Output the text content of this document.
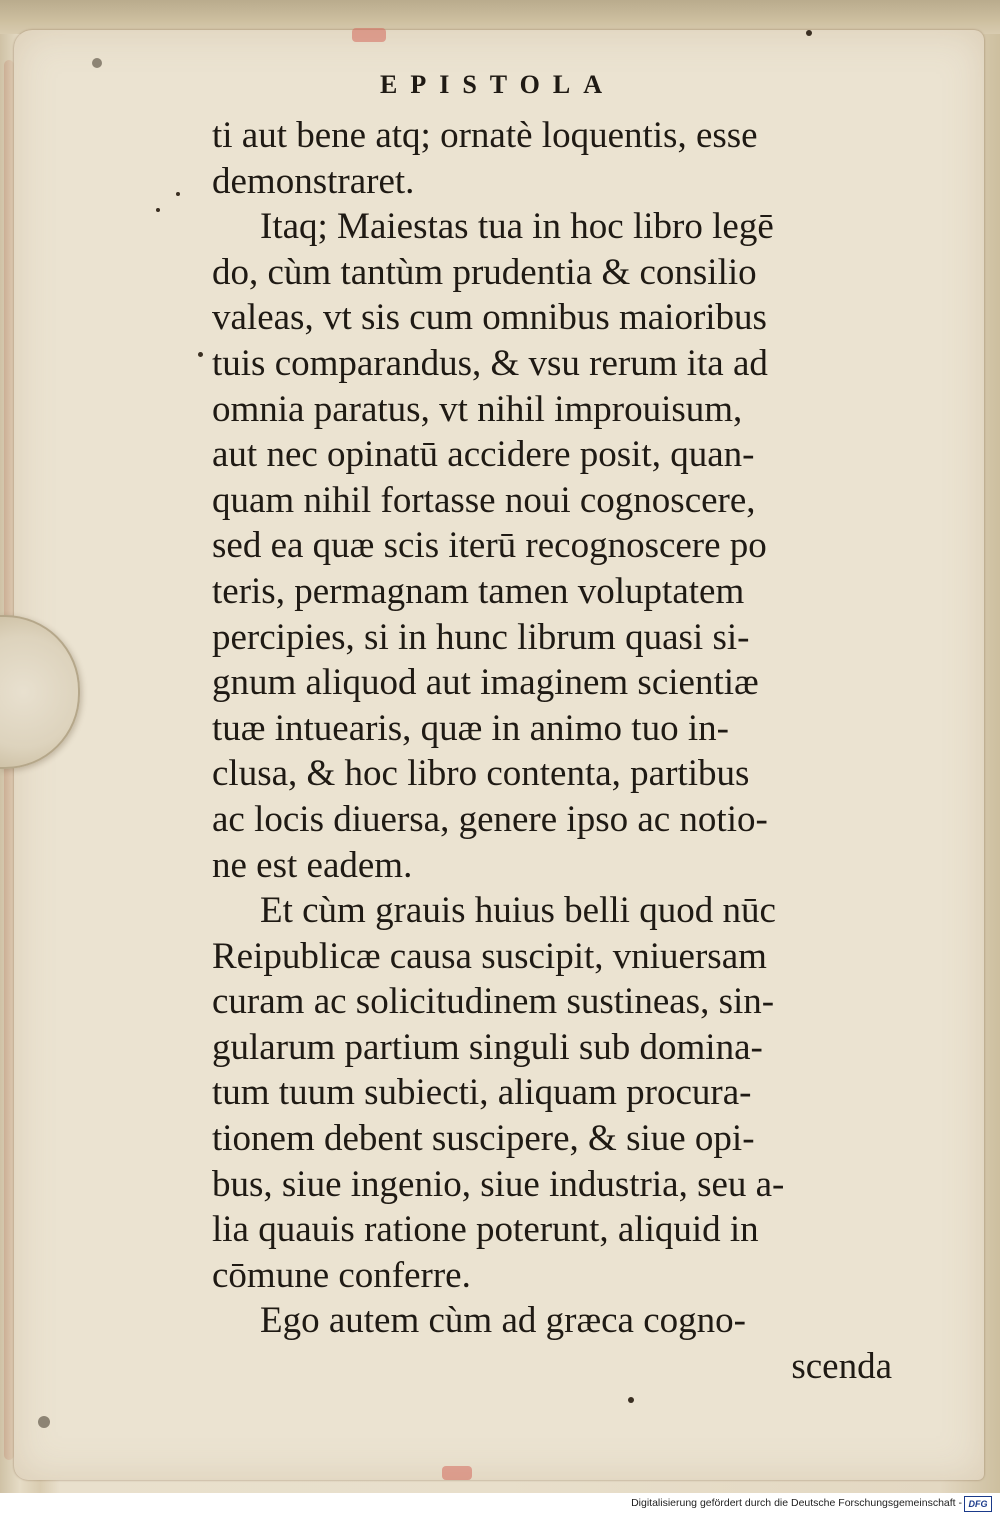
EPISTOLA
ti aut bene atq; ornatè loquentis, esse
demonstraret.
Itaq; Maiestas tua in hoc libro legē
do, cùm tantùm prudentia & consilio
valeas, vt sis cum omnibus maioribus
tuis comparandus, & vsu rerum ita ad
omnia paratus, vt nihil improuisum,
aut nec opinatū accidere posit, quan-
quam nihil fortasse noui cognoscere,
sed ea quæ scis iterū recognoscere po
teris, permagnam tamen voluptatem
percipies, si in hunc librum quasi si-
gnum aliquod aut imaginem scientiæ
tuæ intuearis, quæ in animo tuo in-
clusa, & hoc libro contenta, partibus
ac locis diuersa, genere ipso ac notio-
ne est eadem.
Et cùm grauis huius belli quod nūc
Reipublicæ causa suscipit, vniuersam
curam ac solicitudinem sustineas, sin-
gularum partium singuli sub domina-
tum tuum subiecti, aliquam procura-
tionem debent suscipere, & siue opi-
bus, siue ingenio, siue industria, seu a-
lia quauis ratione poterunt, aliquid in
cōmune conferre.
Ego autem cùm ad græca cogno-
scenda
Digitalisierung gefördert durch die Deutsche Forschungsgemeinschaft - DFG
